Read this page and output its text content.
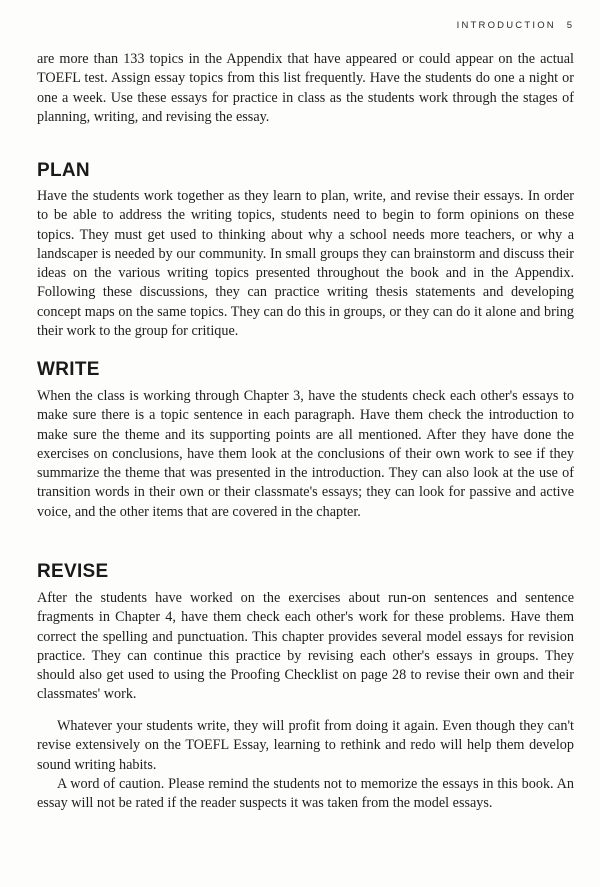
INTRODUCTION 5

are more than 133 topics in the Appendix that have appeared or could appear on the actual TOEFL test. Assign essay topics from this list frequently. Have the students do one a night or one a week. Use these essays for practice in class as the students work through the stages of planning, writing, and revising the essay.

PLAN

Have the students work together as they learn to plan, write, and revise their essays. In order to be able to address the writing topics, students need to begin to form opinions on these topics. They must get used to thinking about why a school needs more teachers, or why a landscaper is needed by our community. In small groups they can brainstorm and discuss their ideas on the various writing topics presented throughout the book and in the Appendix. Following these discussions, they can practice writing thesis statements and developing concept maps on the same topics. They can do this in groups, or they can do it alone and bring their work to the group for critique.

WRITE

When the class is working through Chapter 3, have the students check each other's essays to make sure there is a topic sentence in each paragraph. Have them check the introduction to make sure the theme and its supporting points are all mentioned. After they have done the exercises on conclusions, have them look at the conclusions of their own work to see if they summarize the theme that was presented in the introduction. They can also look at the use of transition words in their own or their classmate's essays; they can look for passive and active voice, and the other items that are covered in the chapter.

REVISE

After the students have worked on the exercises about run-on sentences and sentence fragments in Chapter 4, have them check each other's work for these problems. Have them correct the spelling and punctuation. This chapter provides several model essays for revision practice. They can continue this practice by revising each other's essays in groups. They should also get used to using the Proofing Checklist on page 28 to revise their own and their classmates' work.

Whatever your students write, they will profit from doing it again. Even though they can't revise extensively on the TOEFL Essay, learning to rethink and redo will help them develop sound writing habits.

A word of caution. Please remind the students not to memorize the essays in this book. An essay will not be rated if the reader suspects it was taken from the model essays.
